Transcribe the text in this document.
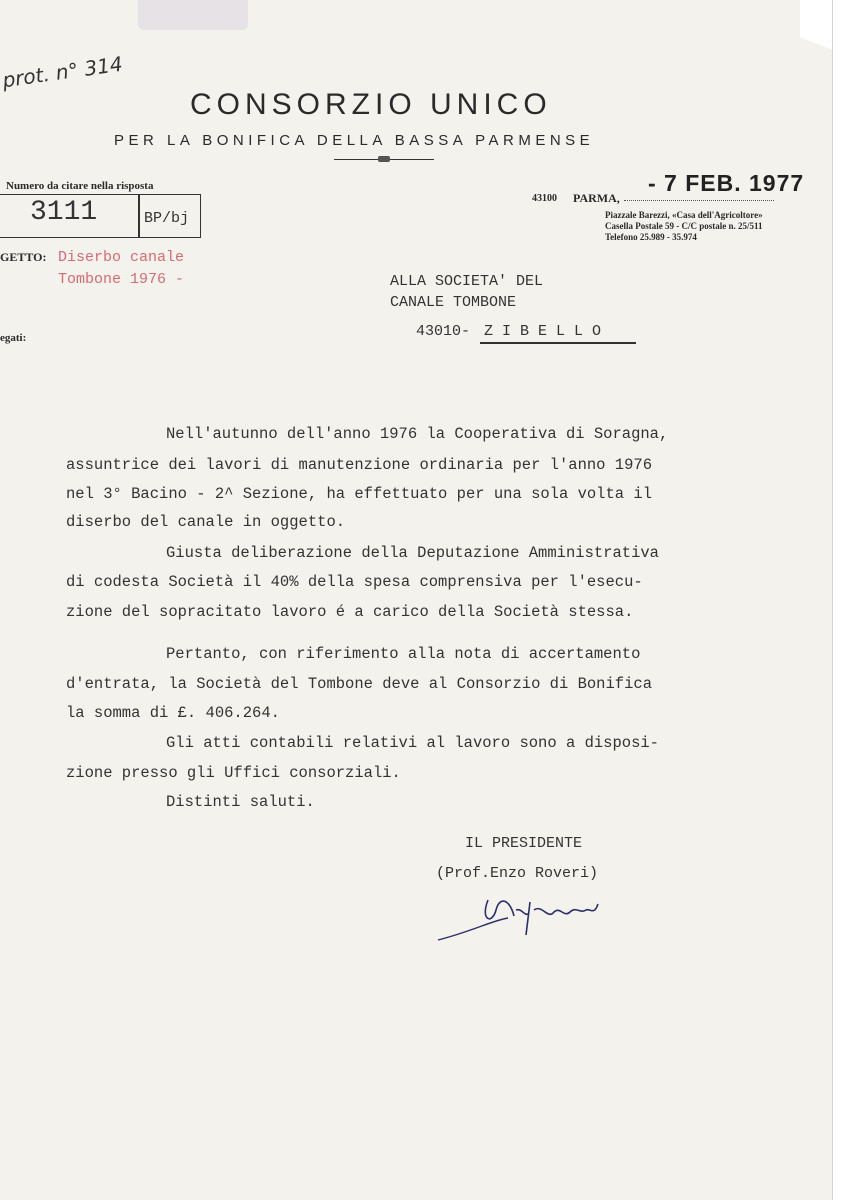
prot. n° 314
CONSORZIO UNICO
PER LA BONIFICA DELLA BASSA PARMENSE
Numero da citare nella risposta
3111	BP/bj
43100 PARMA,
- 7 FEB. 1977
Piazzale Barezzi, «Casa dell'Agricoltore»
Casella Postale 59 - C/C postale n. 25/511
Telefono 25.989 - 35.974
GETTO: Diserbo canale
Tombone 1976 -
egati:
ALLA SOCIETA' DEL
CANALE TOMBONE
43010- Z I B E L L O
Nell'autunno dell'anno 1976 la Cooperativa di Soragna,
assuntrice dei lavori di manutenzione ordinaria per l'anno 1976
nel 3° Bacino - 2^ Sezione, ha effettuato per una sola volta il
diserbo del canale in oggetto.
Giusta deliberazione della Deputazione Amministrativa
di codesta Società il 40% della spesa comprensiva per l'esecu-
zione del sopracitato lavoro é a carico della Società stessa.
Pertanto, con riferimento alla nota di accertamento
d'entrata, la Società del Tombone deve al Consorzio di Bonifica
la somma di £. 406.264.
Gli atti contabili relativi al lavoro sono a disposi-
zione presso gli Uffici consorziali.
Distinti saluti.
IL PRESIDENTE
(Prof.Enzo Roveri)
